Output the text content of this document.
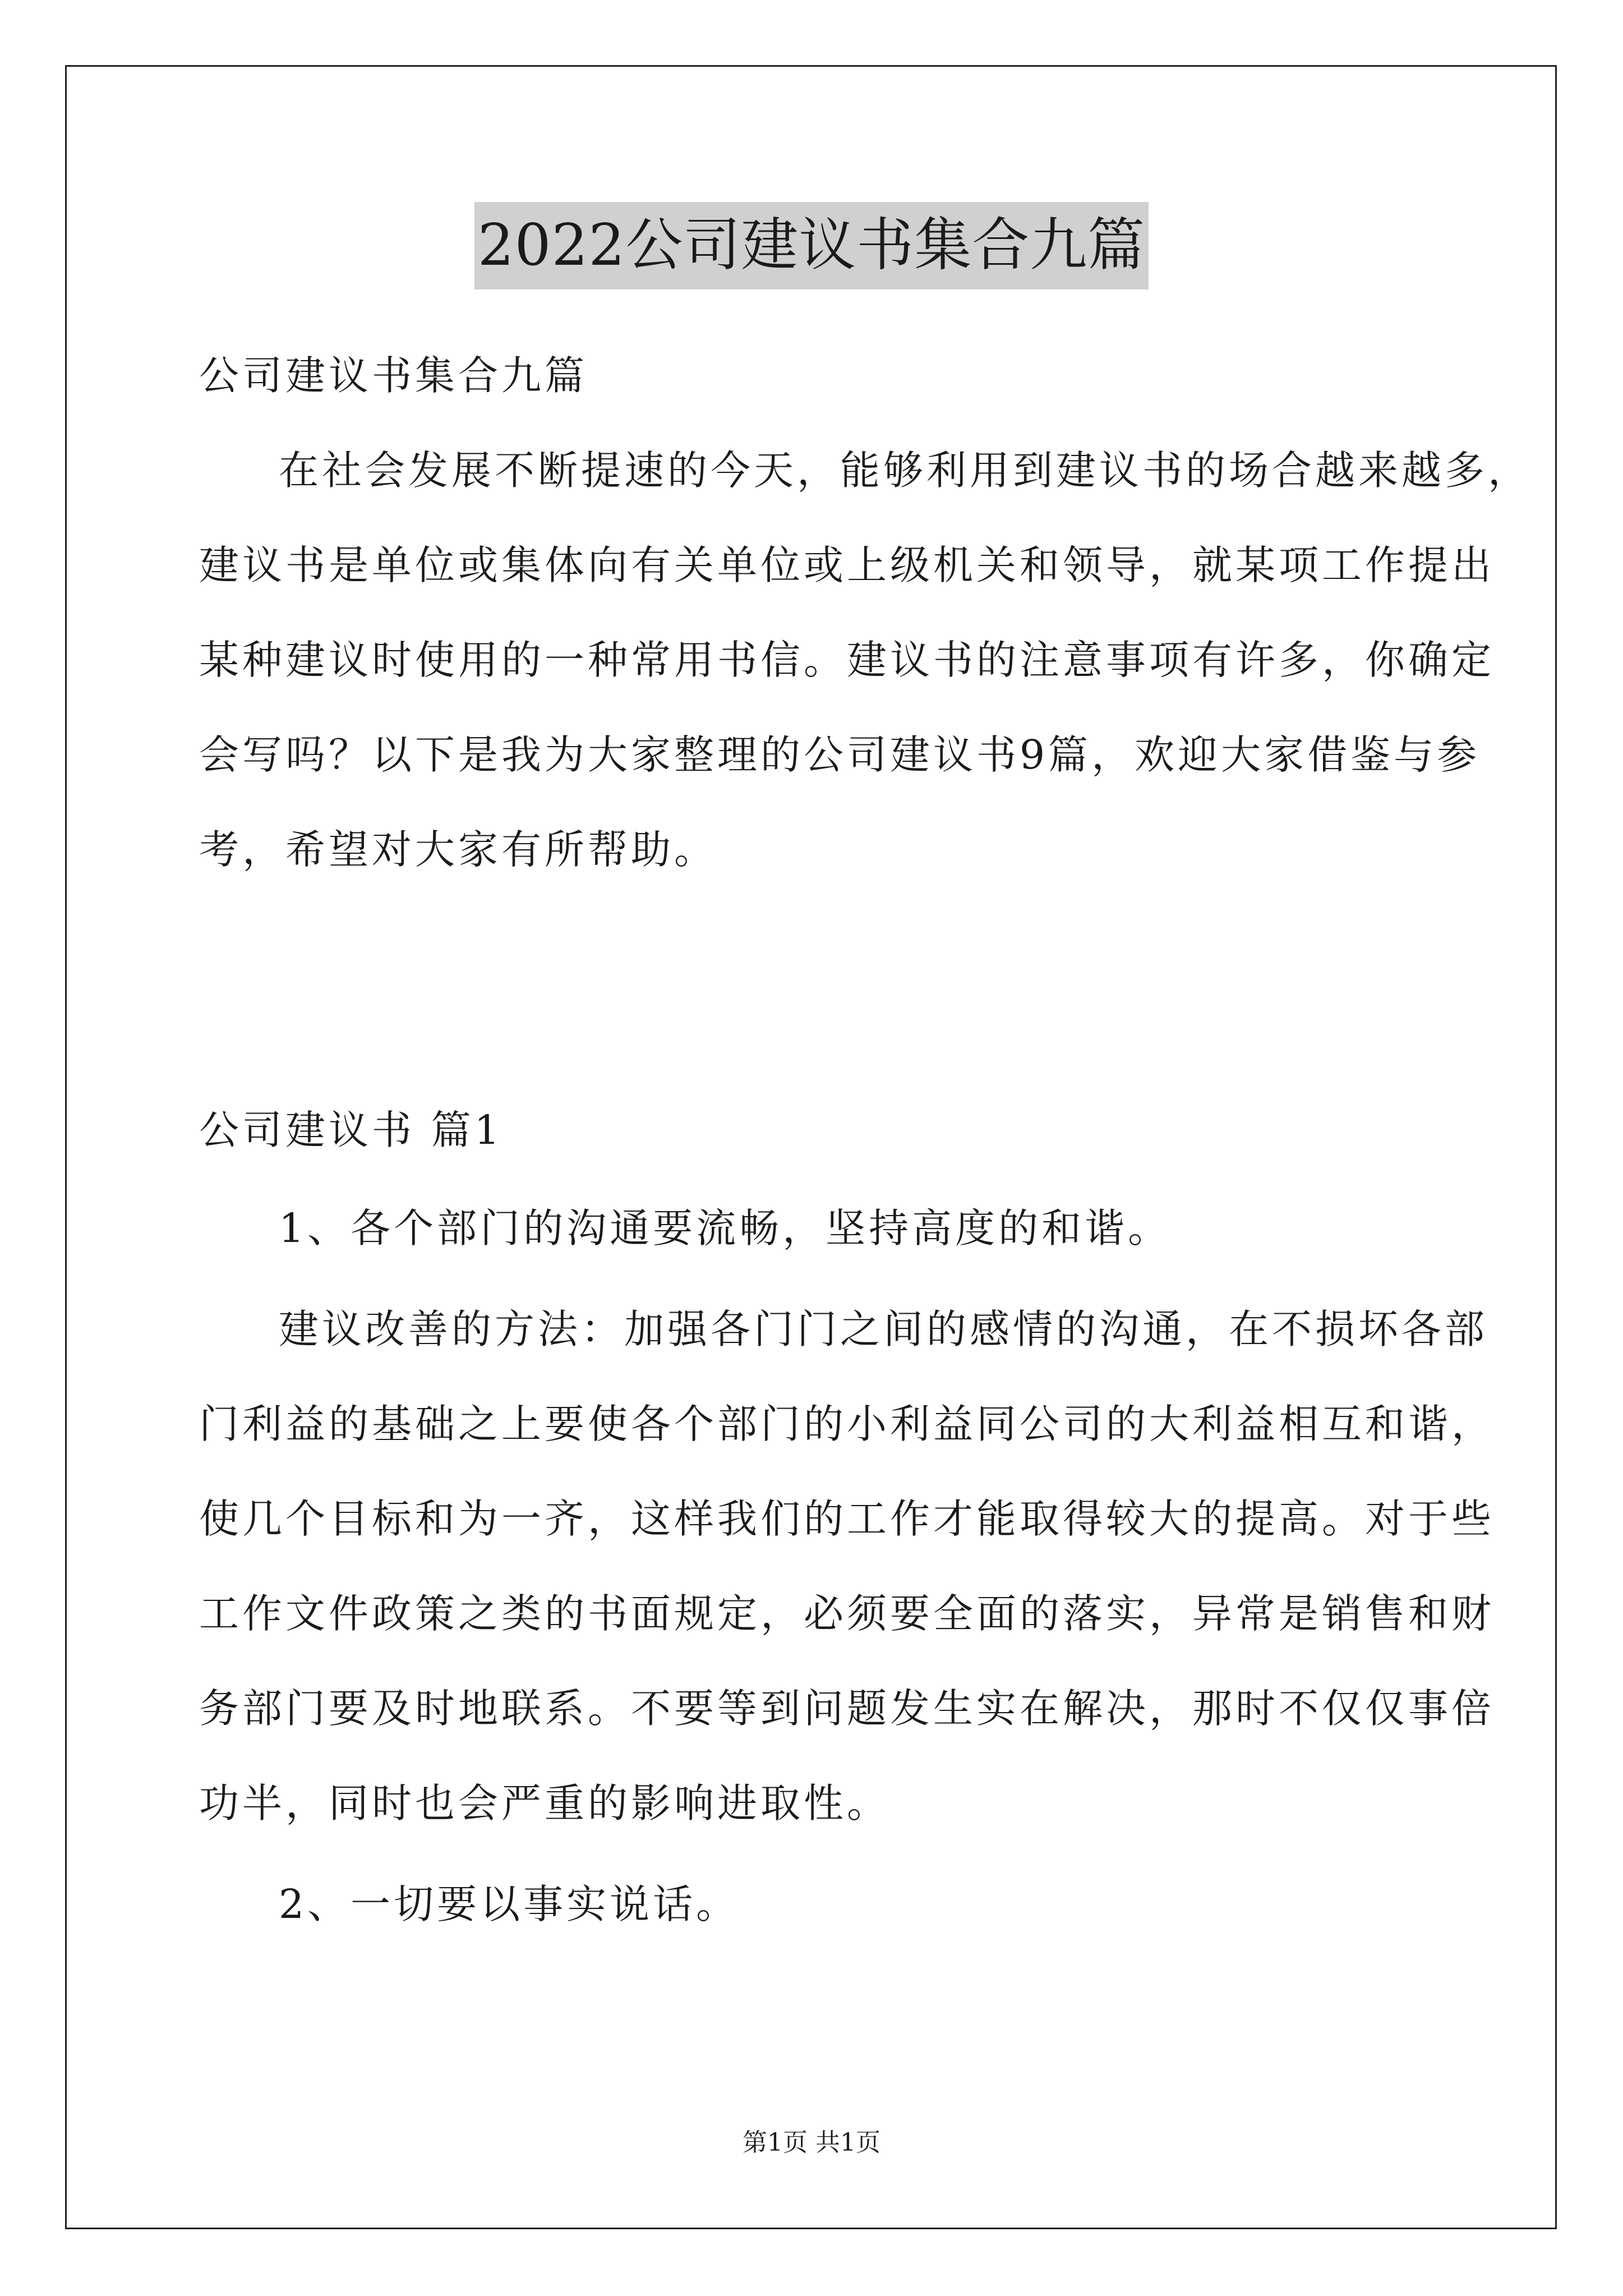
2022公司建议书集合九篇
公司建议书集合九篇
在社会发展不断提速的今天，能够利用到建议书的场合越来越多，
建议书是单位或集体向有关单位或上级机关和领导，就某项工作提出
某种建议时使用的一种常用书信。建议书的注意事项有许多，你确定
会写吗？以下是我为大家整理的公司建议书9篇，欢迎大家借鉴与参
考，希望对大家有所帮助。
公司建议书 篇1
1、各个部门的沟通要流畅，坚持高度的和谐。
建议改善的方法：加强各门门之间的感情的沟通，在不损坏各部
门利益的基础之上要使各个部门的小利益同公司的大利益相互和谐，
使几个目标和为一齐，这样我们的工作才能取得较大的提高。对于些
工作文件政策之类的书面规定，必须要全面的落实，异常是销售和财
务部门要及时地联系。不要等到问题发生实在解决，那时不仅仅事倍
功半，同时也会严重的影响进取性。
2、一切要以事实说话。
第1页 共1页
